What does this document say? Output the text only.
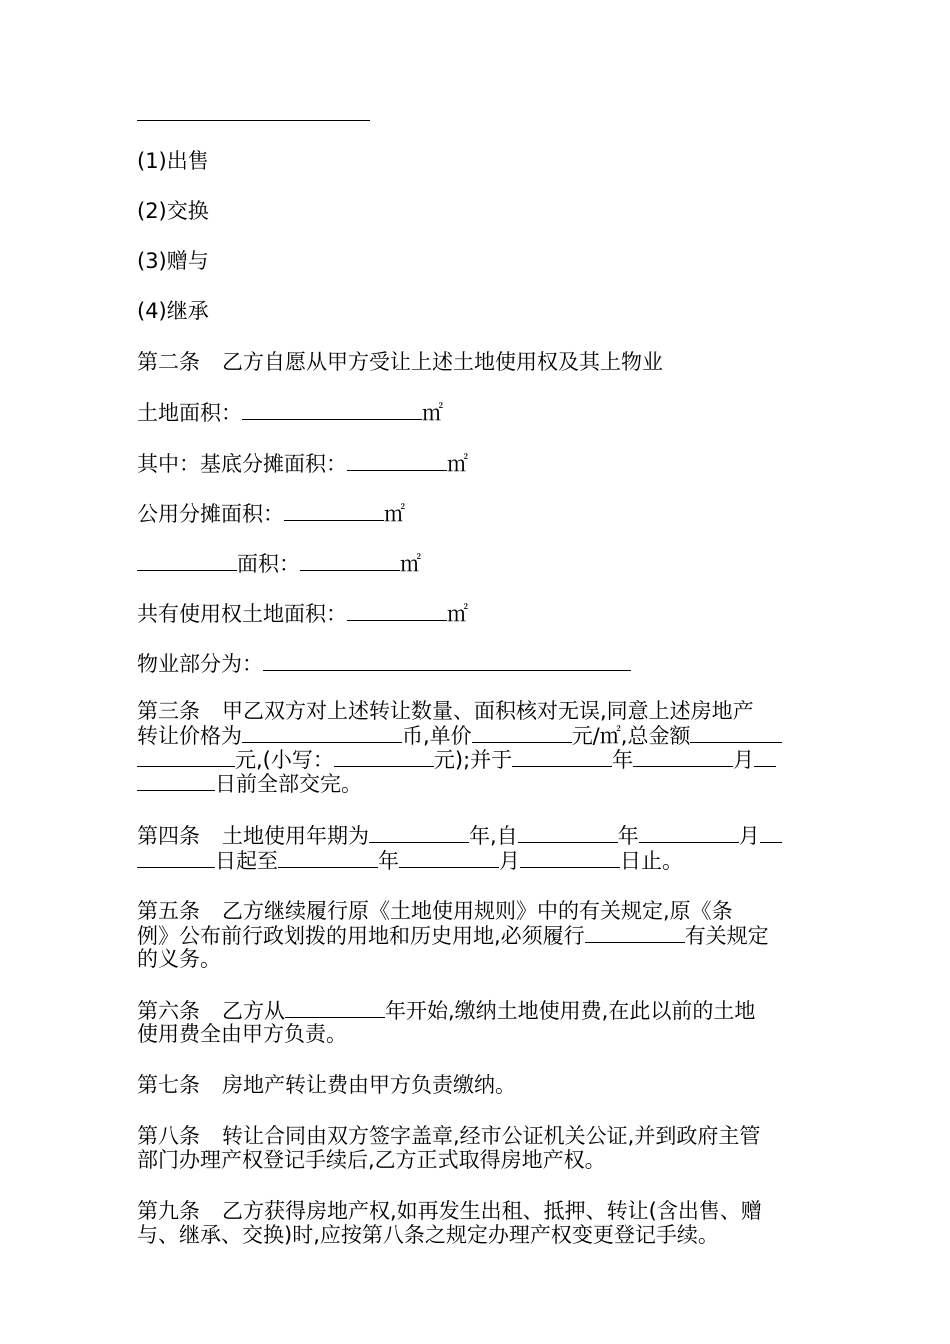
(1)出售
(2)交换
(3)赠与
(4)继承
第二条 乙方自愿从甲方受让上述土地使用权及其上物业
土地面积：	㎡
其中：基底分摊面积：	㎡
公用分摊面积：	㎡
面积：	㎡
共有使用权土地面积：	㎡
物业部分为：
第三条 甲乙双方对上述转让数量、面积核对无误,同意上述房地产
转让价格为	币,单价	元/㎡,总金额
元,(小写：	元);并于	年	月
日前全部交完。
第四条 土地使用年期为	年,自	年	月
日起至	年	月	日止。
第五条 乙方继续履行原《土地使用规则》中的有关规定,原《条
例》公布前行政划拨的用地和历史用地,必须履行	有关规定
的义务。
第六条 乙方从	年开始,缴纳土地使用费,在此以前的土地
使用费全由甲方负责。
第七条 房地产转让费由甲方负责缴纳。
第八条 转让合同由双方签字盖章,经市公证机关公证,并到政府主管
部门办理产权登记手续后,乙方正式取得房地产权。
第九条 乙方获得房地产权,如再发生出租、抵押、转让(含出售、赠
与、继承、交换)时,应按第八条之规定办理产权变更登记手续。
